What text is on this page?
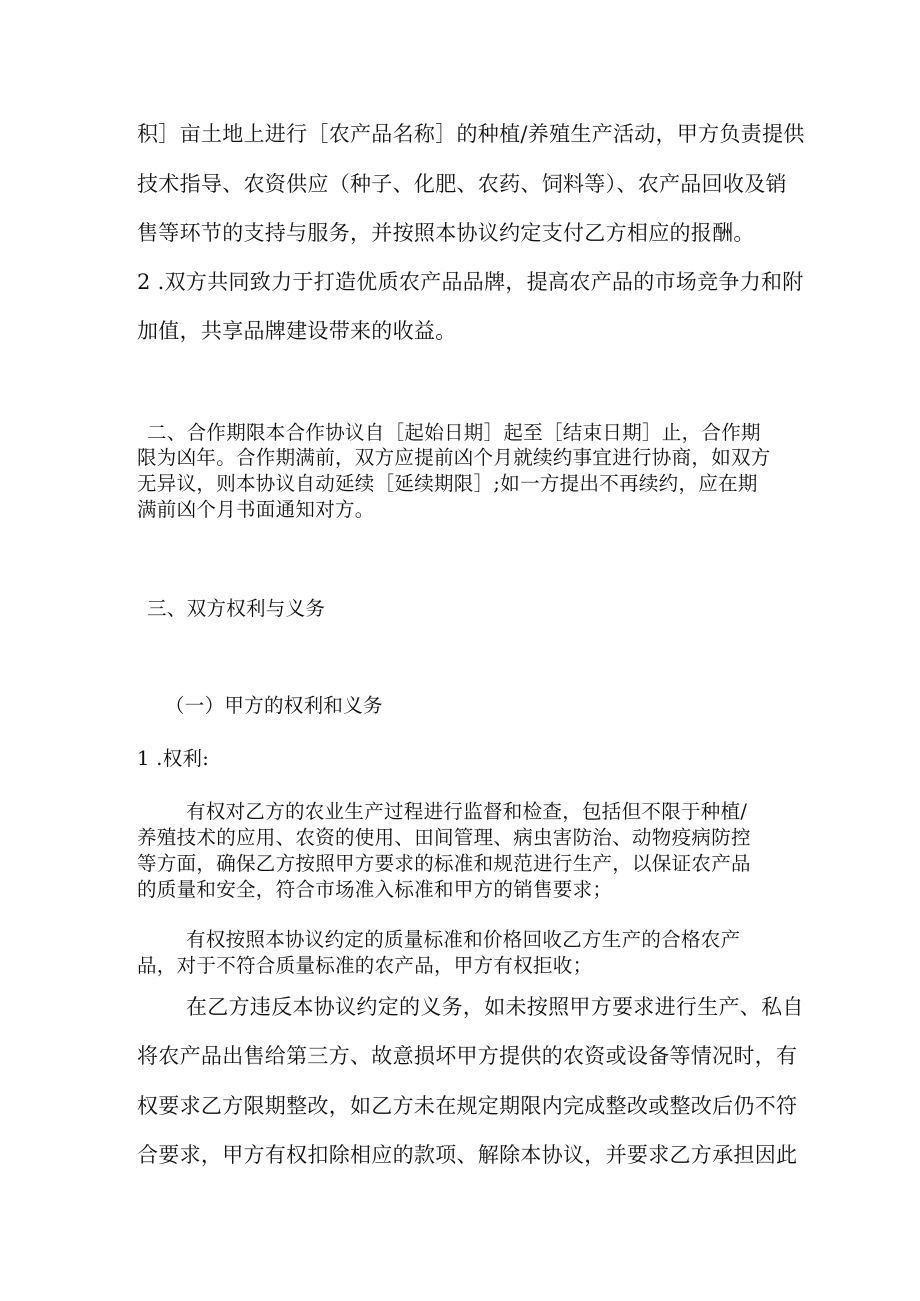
积］亩土地上进行［农产品名称］的种植/养殖生产活动，甲方负责提供
技术指导、农资供应（种子、化肥、农药、饲料等）、农产品回收及销
售等环节的支持与服务，并按照本协议约定支付乙方相应的报酬。
2 .双方共同致力于打造优质农产品品牌，提高农产品的市场竞争力和附
加值，共享品牌建设带来的收益。
二、合作期限本合作协议自［起始日期］起至［结束日期］止，合作期
限为凶年。合作期满前，双方应提前凶个月就续约事宜进行协商，如双方
无异议，则本协议自动延续［延续期限］;如一方提出不再续约，应在期
满前凶个月书面通知对方。
三、双方权利与义务
（一）甲方的权利和义务
1 .权利:
有权对乙方的农业生产过程进行监督和检查，包括但不限于种植/
养殖技术的应用、农资的使用、田间管理、病虫害防治、动物疫病防控
等方面，确保乙方按照甲方要求的标准和规范进行生产，以保证农产品
的质量和安全，符合市场准入标准和甲方的销售要求；
有权按照本协议约定的质量标准和价格回收乙方生产的合格农产
品，对于不符合质量标准的农产品，甲方有权拒收；
在乙方违反本协议约定的义务，如未按照甲方要求进行生产、私自
将农产品出售给第三方、故意损坏甲方提供的农资或设备等情况时，有
权要求乙方限期整改，如乙方未在规定期限内完成整改或整改后仍不符
合要求，甲方有权扣除相应的款项、解除本协议，并要求乙方承担因此
